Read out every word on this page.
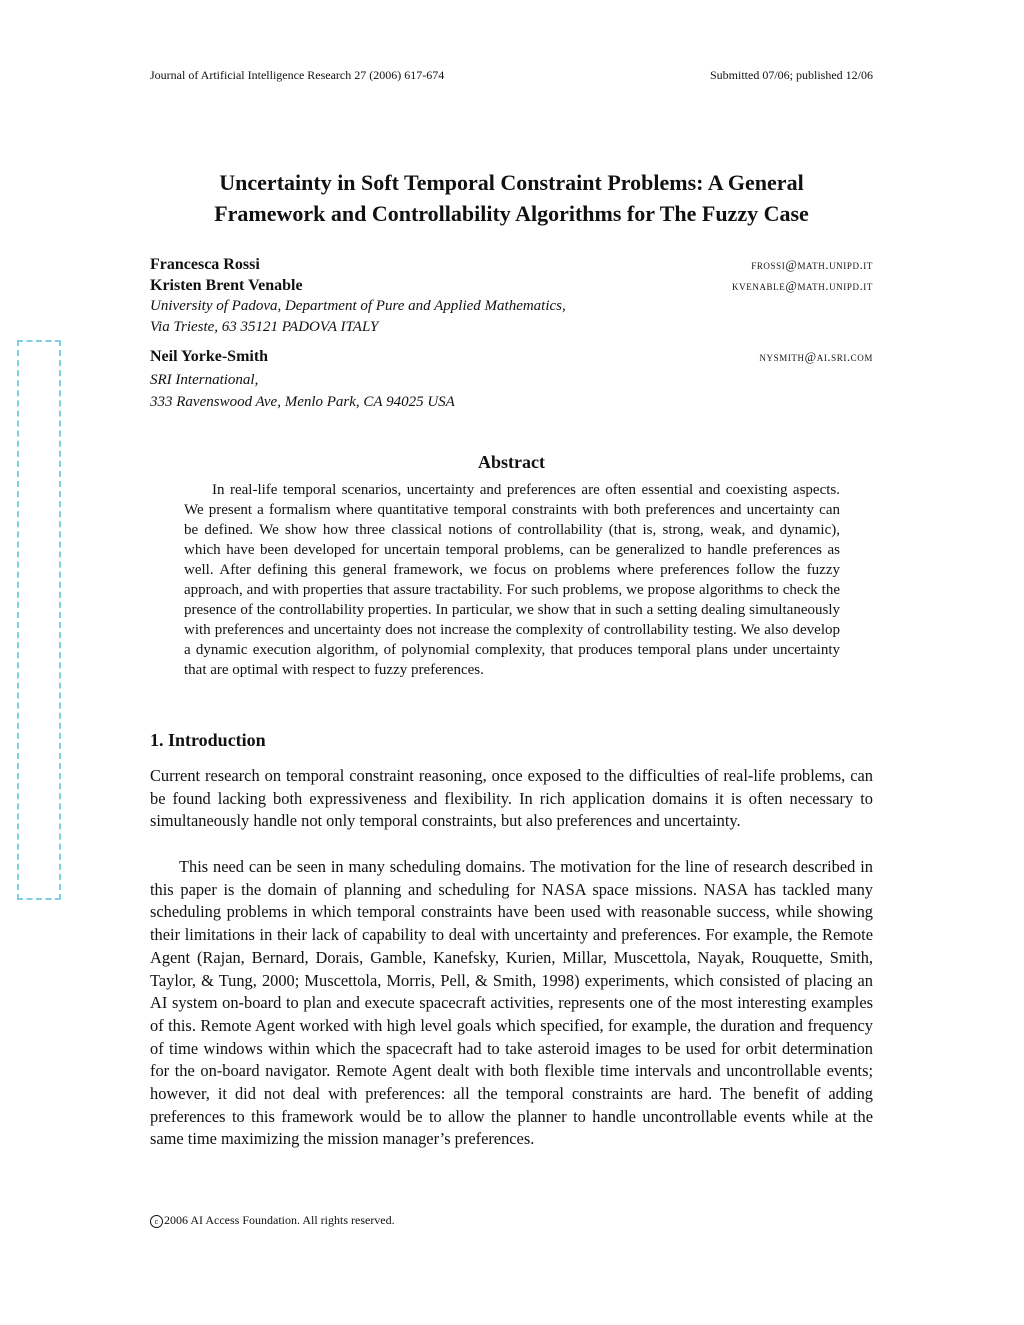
Journal of Artificial Intelligence Research 27 (2006) 617-674	Submitted 07/06; published 12/06
Uncertainty in Soft Temporal Constraint Problems: A General
Framework and Controllability Algorithms for The Fuzzy Case
Francesca Rossi	frossi@math.unipd.it
Kristen Brent Venable	kvenable@math.unipd.it
University of Padova, Department of Pure and Applied Mathematics,
Via Trieste, 63 35121 PADOVA ITALY
Neil Yorke-Smith	nysmith@ai.sri.com
SRI International,
333 Ravenswood Ave, Menlo Park, CA 94025 USA
Abstract

In real-life temporal scenarios, uncertainty and preferences are often essential and coexisting aspects. We present a formalism where quantitative temporal constraints with both preferences and uncertainty can be defined. We show how three classical notions of controllability (that is, strong, weak, and dynamic), which have been developed for uncertain temporal problems, can be generalized to handle preferences as well. After defining this general framework, we focus on problems where preferences follow the fuzzy approach, and with properties that assure tractability. For such problems, we propose algorithms to check the presence of the controllability properties. In particular, we show that in such a setting dealing simultaneously with preferences and uncertainty does not increase the complexity of controllability testing. We also develop a dynamic execution algorithm, of polynomial complexity, that produces temporal plans under uncertainty that are optimal with respect to fuzzy preferences.

1. Introduction

Current research on temporal constraint reasoning, once exposed to the difficulties of real-life problems, can be found lacking both expressiveness and flexibility. In rich application domains it is often necessary to simultaneously handle not only temporal constraints, but also preferences and uncertainty.

This need can be seen in many scheduling domains. The motivation for the line of research described in this paper is the domain of planning and scheduling for NASA space missions. NASA has tackled many scheduling problems in which temporal constraints have been used with reasonable success, while showing their limitations in their lack of capability to deal with uncertainty and preferences. For example, the Remote Agent (Rajan, Bernard, Dorais, Gamble, Kanefsky, Kurien, Millar, Muscettola, Nayak, Rouquette, Smith, Taylor, & Tung, 2000; Muscettola, Morris, Pell, & Smith, 1998) experiments, which consisted of placing an AI system on-board to plan and execute spacecraft activities, represents one of the most interesting examples of this. Remote Agent worked with high level goals which specified, for example, the duration and frequency of time windows within which the spacecraft had to take asteroid images to be used for orbit determination for the on-board navigator. Remote Agent dealt with both flexible time intervals and uncontrollable events; however, it did not deal with preferences: all the temporal constraints are hard. The benefit of adding preferences to this framework would be to allow the planner to handle uncontrollable events while at the same time maximizing the mission manager’s preferences.

c 2006 AI Access Foundation. All rights reserved.
